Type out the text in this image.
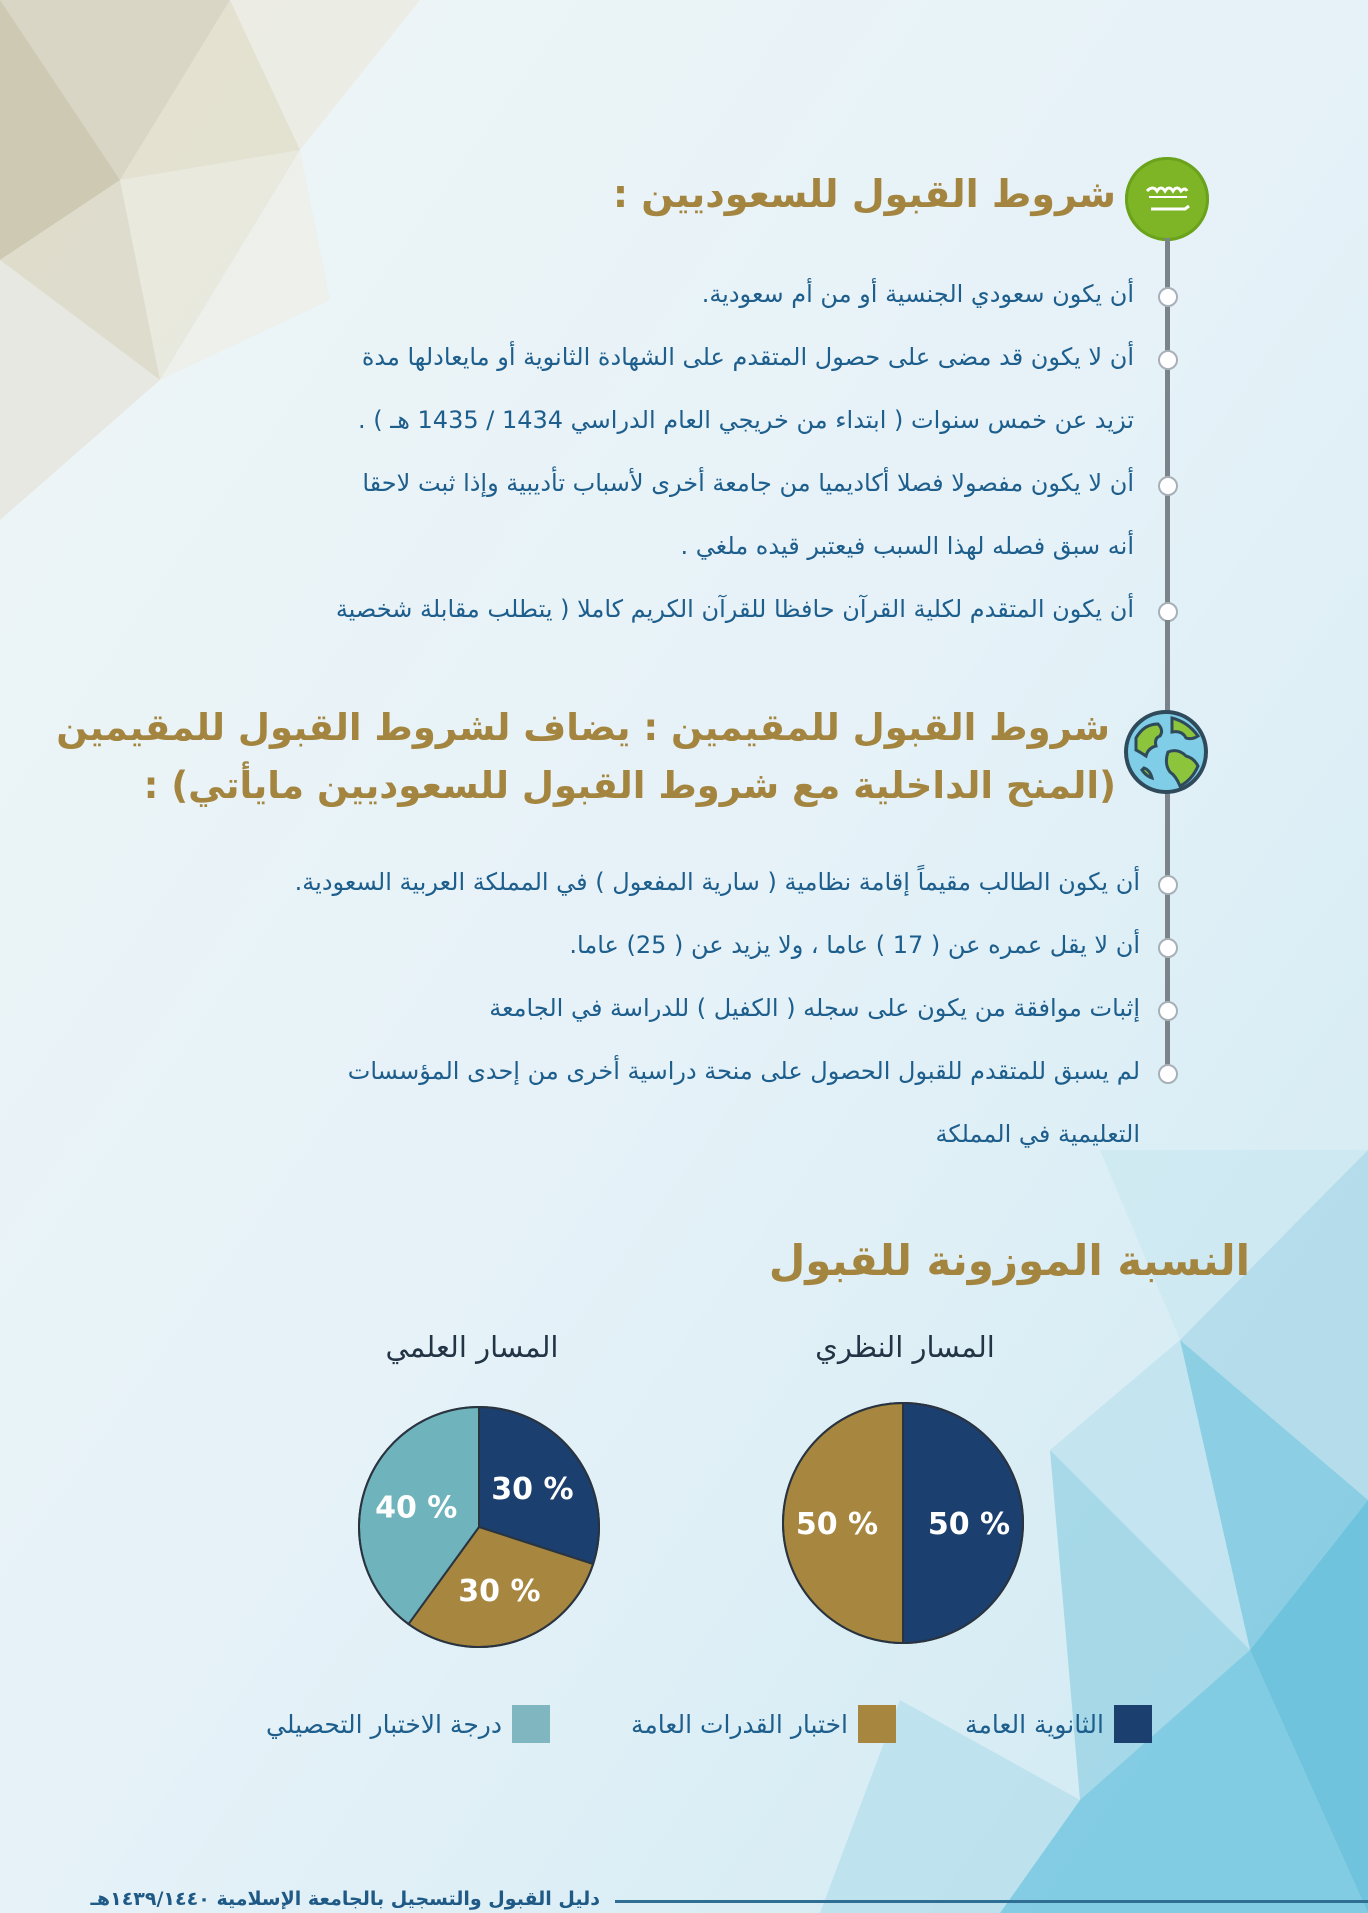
شروط القبول للسعوديين :
أن يكون سعودي الجنسية أو من أم سعودية.
أن لا يكون قد مضى على حصول المتقدم على الشهادة الثانوية أو مايعادلها مدة
تزيد عن خمس سنوات ( ابتداء من خريجي العام الدراسي 1434 / 1435 هـ ) .
أن لا يكون مفصولا فصلا أكاديميا من جامعة أخرى لأسباب تأديبية وإذا ثبت لاحقا
أنه سبق فصله لهذا السبب فيعتبر قيده ملغي .
أن يكون المتقدم لكلية القرآن حافظا للقرآن الكريم كاملا ( يتطلب مقابلة شخصية
شروط القبول للمقيمين : يضاف لشروط القبول للمقيمين
(المنح الداخلية مع شروط القبول للسعوديين مايأتي) :
أن يكون الطالب مقيماً إقامة نظامية ( سارية المفعول ) في المملكة العربية السعودية.
أن لا يقل عمره عن ( 17 ) عاما ، ولا يزيد عن ( 25) عاما.
إثبات موافقة من يكون على سجله ( الكفيل ) للدراسة في الجامعة
لم يسبق للمتقدم للقبول الحصول على منحة دراسية أخرى من إحدى المؤسسات
التعليمية في المملكة
النسبة الموزونة للقبول
المسار النظري
المسار العلمي
50 %
50 %
30 %
30 %
40 %
الثانوية العامة
اختبار القدرات العامة
درجة الاختبار التحصيلي
دليل القبول والتسجيل بالجامعة الإسلامية ١٤٣٩/١٤٤٠هـ
